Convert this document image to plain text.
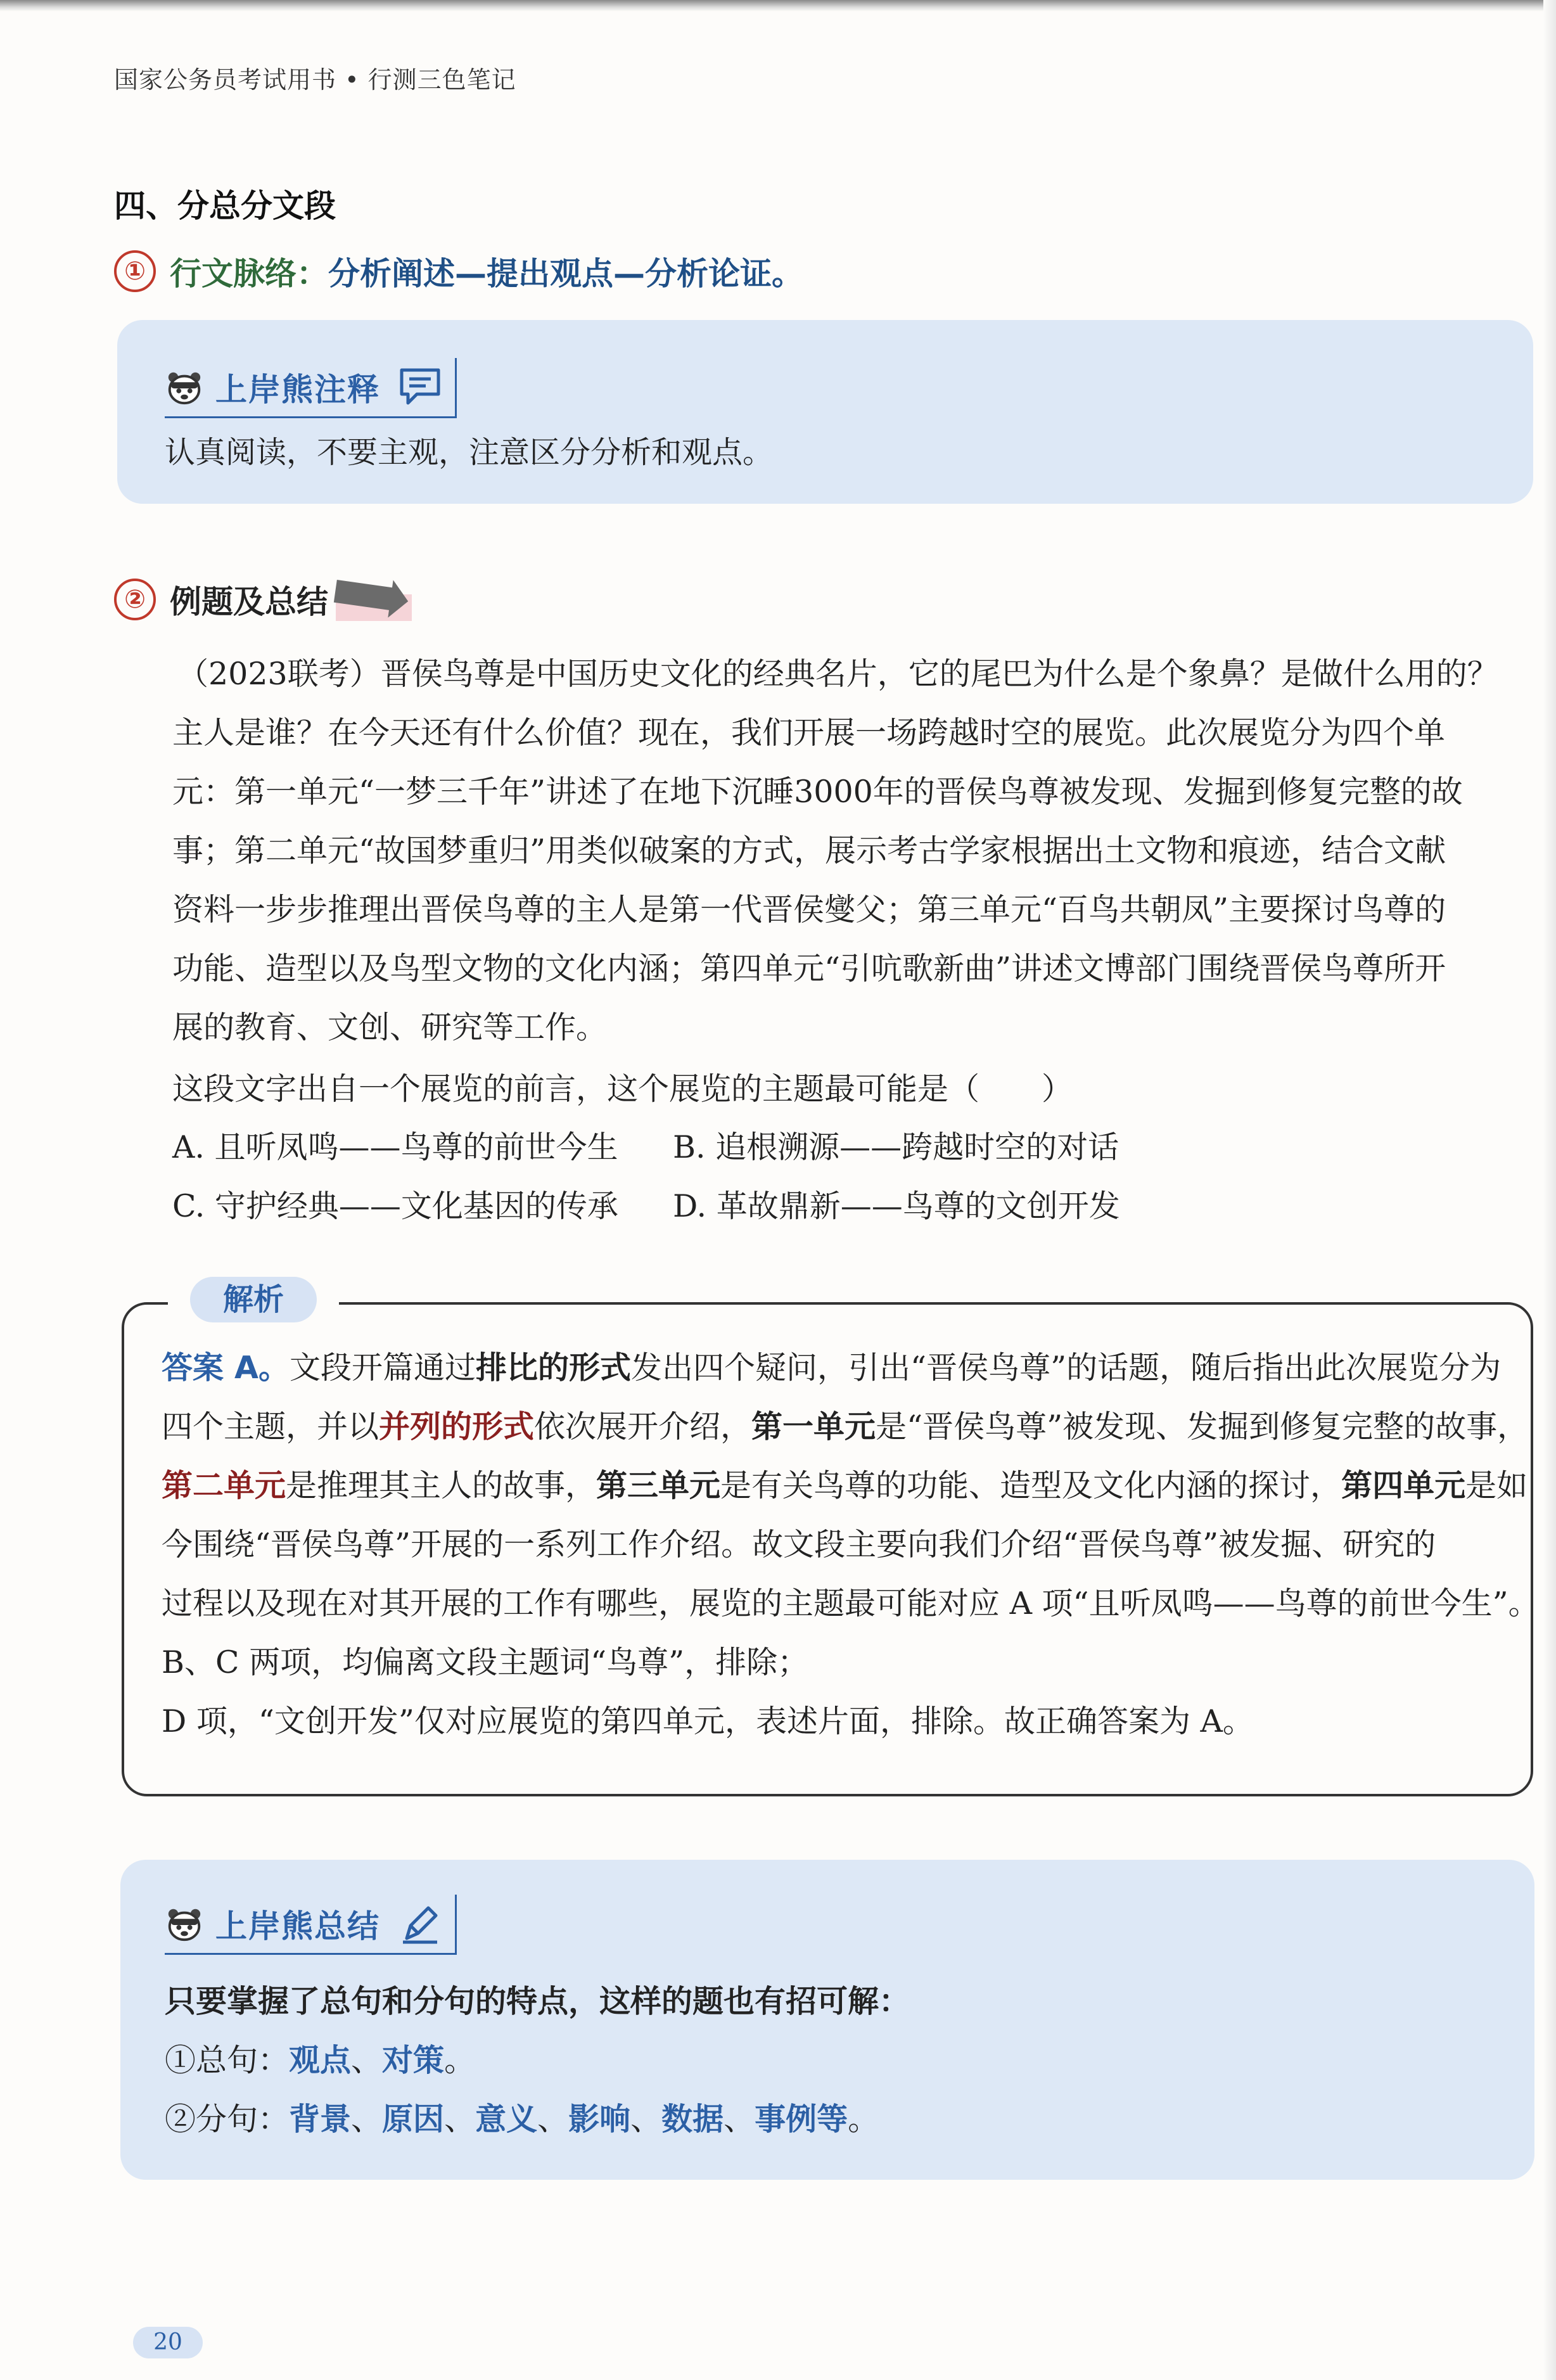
国家公务员考试用书 • 行测三色笔记
四、分总分文段
① 行文脉络：分析阐述—提出观点—分析论证。
上岸熊注释
认真阅读，不要主观，注意区分分析和观点。
② 例题及总结
（2023联考）晋侯鸟尊是中国历史文化的经典名片，它的尾巴为什么是个象鼻？是做什么用的？
主人是谁？在今天还有什么价值？现在，我们开展一场跨越时空的展览。此次展览分为四个单
元：第一单元“一梦三千年”讲述了在地下沉睡3000年的晋侯鸟尊被发现、发掘到修复完整的故
事；第二单元“故国梦重归”用类似破案的方式，展示考古学家根据出土文物和痕迹，结合文献
资料一步步推理出晋侯鸟尊的主人是第一代晋侯燮父；第三单元“百鸟共朝凤”主要探讨鸟尊的
功能、造型以及鸟型文物的文化内涵；第四单元“引吭歌新曲”讲述文博部门围绕晋侯鸟尊所开
展的教育、文创、研究等工作。
这段文字出自一个展览的前言，这个展览的主题最可能是（　　）
A. 且听凤鸣——鸟尊的前世今生 B. 追根溯源——跨越时空的对话
C. 守护经典——文化基因的传承 D. 革故鼎新——鸟尊的文创开发
解析
答案 A。文段开篇通过排比的形式发出四个疑问，引出“晋侯鸟尊”的话题，随后指出此次展览分为
四个主题，并以并列的形式依次展开介绍，第一单元是“晋侯鸟尊”被发现、发掘到修复完整的故事，
第二单元是推理其主人的故事，第三单元是有关鸟尊的功能、造型及文化内涵的探讨，第四单元是如
今围绕“晋侯鸟尊”开展的一系列工作介绍。故文段主要向我们介绍“晋侯鸟尊”被发掘、研究的
过程以及现在对其开展的工作有哪些，展览的主题最可能对应 A 项“且听凤鸣——鸟尊的前世今生”。
B、C 两项，均偏离文段主题词“鸟尊”，排除；
D 项，“文创开发”仅对应展览的第四单元，表述片面，排除。故正确答案为 A。
上岸熊总结
只要掌握了总句和分句的特点，这样的题也有招可解：
①总句：观点、对策。
②分句：背景、原因、意义、影响、数据、事例等。
20
